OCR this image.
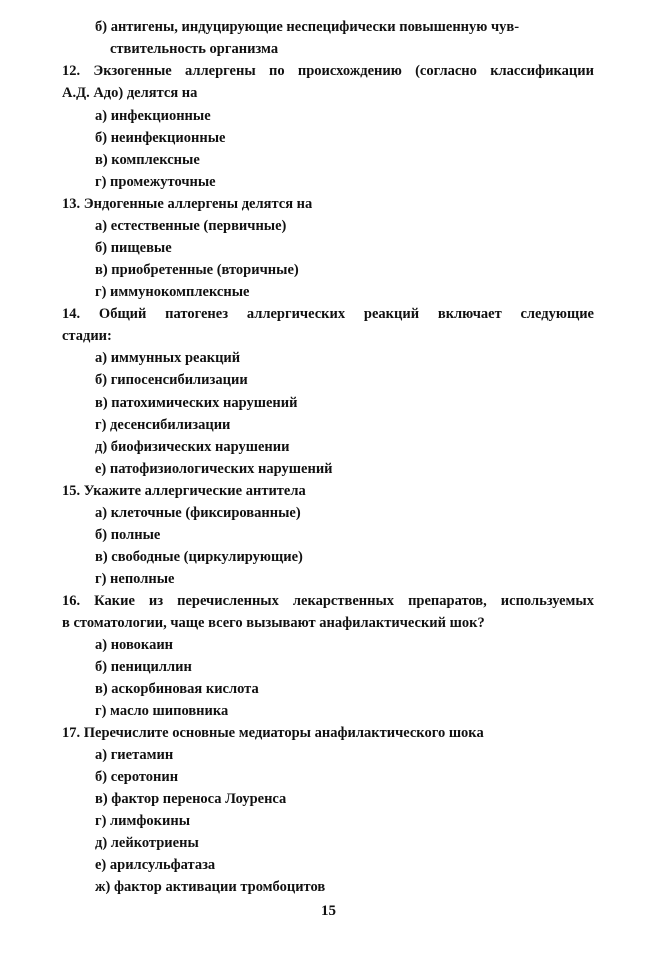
б) антигены, индуцирующие неспецифически повышенную чув-
ствительность организма
12. Экзогенные аллергены по происхождению (согласно классификации
А.Д. Адо) делятся на
а) инфекционные
б) неинфекционные
в) комплексные
г) промежуточные
13. Эндогенные аллергены делятся на
а) естественные (первичные)
б) пищевые
в) приобретенные (вторичные)
г) иммунокомплексные
14. Общий патогенез аллергических реакций включает следующие
стадии:
а) иммунных реакций
б) гипосенсибилизации
в) патохимических нарушений
г) десенсибилизации
д) биофизических нарушении
е) патофизиологических нарушений
15. Укажите аллергические антитела
а) клеточные (фиксированные)
б) полные
в) свободные (циркулирующие)
г) неполные
16. Какие из перечисленных лекарственных препаратов, используемых
в стоматологии, чаще всего вызывают анафилактический шок?
а) новокаин
б) пенициллин
в) аскорбиновая кислота
г) масло шиповника
17. Перечислите основные медиаторы анафилактического шока
а) гиетамин
б) серотонин
в) фактор переноса Лоуренса
г) лимфокины
д) лейкотриены
е) арилсульфатаза
ж) фактор активации тромбоцитов
15
